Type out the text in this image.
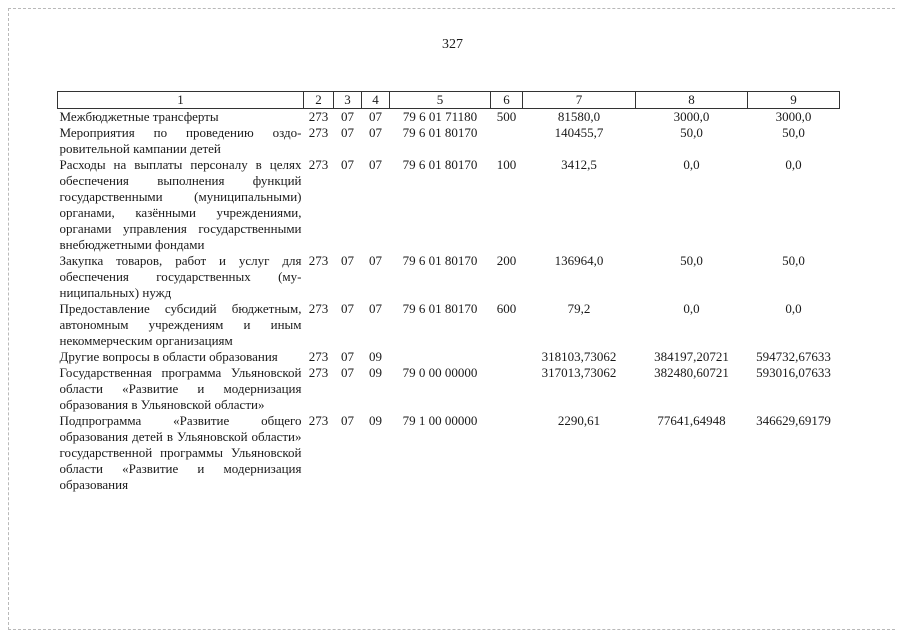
327
1	2	3	4	5	6	7	8	9
Межбюджетные трансферты	273	07	07	79 6 01 71180	500	81580,0	3000,0	3000,0
Мероприятия по проведению оздоровительной кампании детей	273	07	07	79 6 01 80170		140455,7	50,0	50,0
Расходы на выплаты персоналу в целях обеспечения выполнения функций государственными (муниципальными) органами, казёнными учреждениями, органами управления государственными внебюджетными фондами	273	07	07	79 6 01 80170	100	3412,5	0,0	0,0
Закупка товаров, работ и услуг для обеспечения государственных (муниципальных) нужд	273	07	07	79 6 01 80170	200	136964,0	50,0	50,0
Предоставление субсидий бюджетным, автономным учреждениям и иным некоммерческим организациям	273	07	07	79 6 01 80170	600	79,2	0,0	0,0
Другие вопросы в области образования	273	07	09			318103,73062	384197,20721	594732,67633
Государственная программа Ульяновской области «Развитие и модернизация образования в Ульяновской области»	273	07	09	79 0 00 00000		317013,73062	382480,60721	593016,07633
Подпрограмма «Развитие общего образования детей в Ульяновской области» государственной программы Ульяновской области «Развитие и модернизация образования	273	07	09	79 1 00 00000		2290,61	77641,64948	346629,69179
